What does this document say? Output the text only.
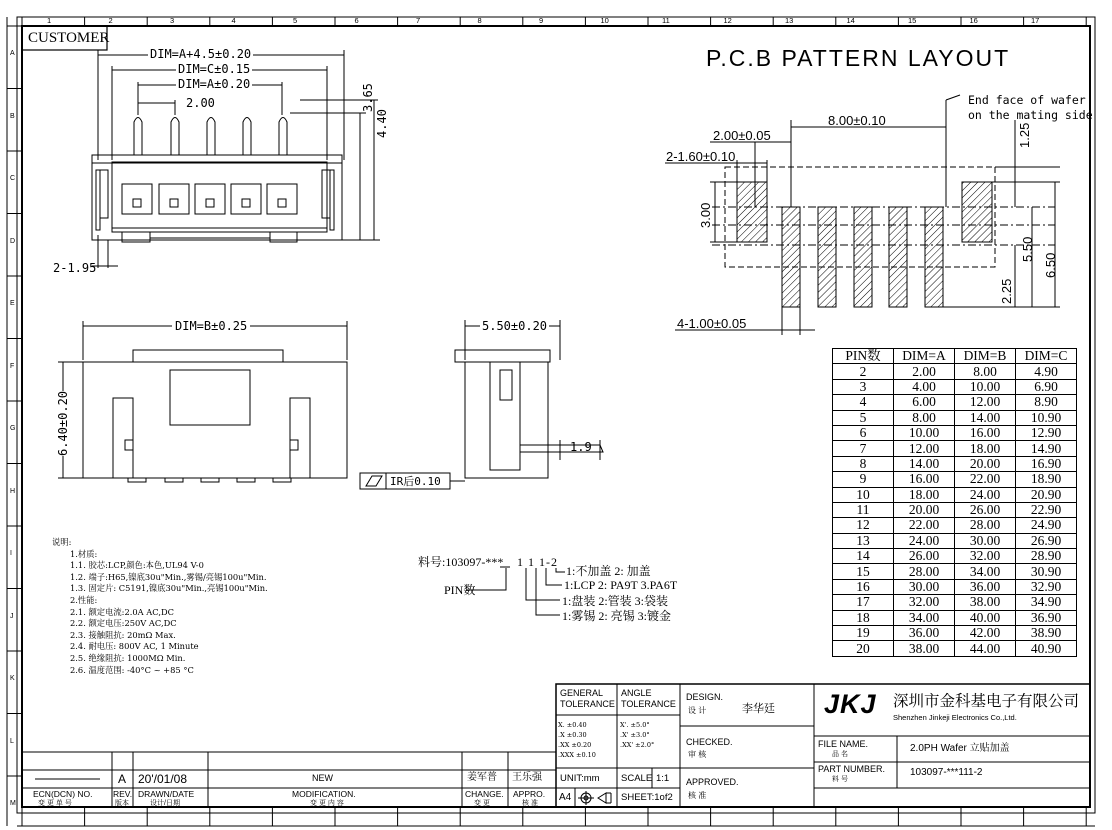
1	2	3	4	5	6	7	8	9	10	11	12	13	14	15	16	17
A
B
C
D
E
F
G
H
I
J
K
L
M
CUSTOMER
DIM=A+4.5±0.20
DIM=C±0.15
DIM=A±0.20
2.00	3.65
4.40
2-1.95
DIM=B±0.25
6.40±0.20
5.50±0.20
1.9
IR后0.10
P.C.B PATTERN LAYOUT
End face of wafer
on the mating side
8.00±0.10
2.00±0.05
2-1.60±0.10
1.25
3.00
5.50
6.50
2.25
4-1.00±0.05
PIN数	DIM=A	DIM=B	DIM=C
2	2.00	8.00	4.90
3	4.00	10.00	6.90
4	6.00	12.00	8.90
5	8.00	14.00	10.90
6	10.00	16.00	12.90
7	12.00	18.00	14.90
8	14.00	20.00	16.90
9	16.00	22.00	18.90
10	18.00	24.00	20.90
11	20.00	26.00	22.90
12	22.00	28.00	24.90
13	24.00	30.00	26.90
14	26.00	32.00	28.90
15	28.00	34.00	30.90
16	30.00	36.00	32.90
17	32.00	38.00	34.90
18	34.00	40.00	36.90
19	36.00	42.00	38.90
20	38.00	44.00	40.90
说明:
1.材质:
1.1. 胶芯:LCP,颜色:本色,UL94 V-0
1.2. 端子:H65,镍底30u"Min.,雾锡/亮锡100u"Min.
1.3. 固定片: C5191,镍底30u"Min.,亮锡100u"Min.
2.性能:
2.1. 额定电流:2.0A AC,DC
2.2. 额定电压:250V AC,DC
2.3. 接触阻抗: 20mΩ Max.
2.4. 耐电压: 800V AC, 1 Minute
2.5. 绝缘阻抗: 1000MΩ Min.
2.6. 温度范围: -40°C ~ +85 °C
料号:103097-*** 1 1 1-2
PIN数
1:不加盖 2: 加盖
1:LCP 2: PA9T 3.PA6T
1:盘装 2:管装 3:袋装
1:雾锡 2: 亮锡 3:镀金
GENERAL TOLERANCE
ANGLE TOLERANCE
X. ±0.40	X'. ±5.0°
.X ±0.30	.X' ±3.0°
.XX ±0.20	.XX' ±2.0°
.XXX ±0.10
DESIGN.
设 计	李华廷
CHECKED.
审 核
APPROVED.
核 准
UNIT:mm SCALE 1:1
A4	SHEET:1of2
JKJ 深圳市金科基电子有限公司
Shenzhen Jinkeji Electronics Co.,Ltd.
FILE NAME.
品 名
2.0PH Wafer 立贴加盖
PART NUMBER.
料 号
103097-***111-2
A 20'/01/08	NEW	姜军普 王乐强
ECN(DCN) NO.
变 更 单 号
REV.
版本
DRAWN/DATE
设计/日期
MODIFICATION.
变 更 内 容
CHANGE.
变 更
APPRO.
核 准
